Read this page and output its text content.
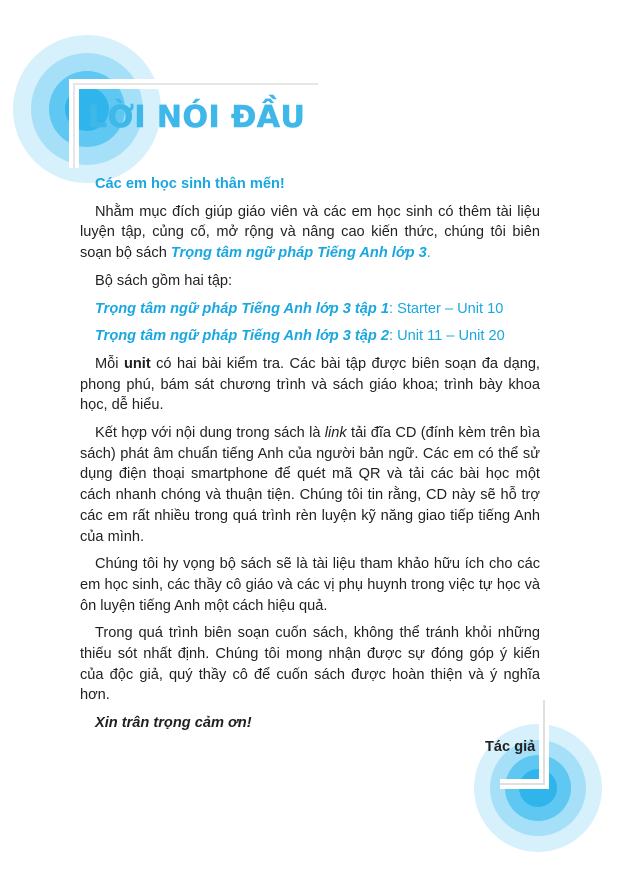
LỜI NÓI ĐẦU

Các em học sinh thân mến!

Nhằm mục đích giúp giáo viên và các em học sinh có thêm tài liệu luyện tập, củng cố, mở rộng và nâng cao kiến thức, chúng tôi biên soạn bộ sách Trọng tâm ngữ pháp Tiếng Anh lớp 3.

Bộ sách gồm hai tập:

Trọng tâm ngữ pháp Tiếng Anh lớp 3 tập 1: Starter – Unit 10

Trọng tâm ngữ pháp Tiếng Anh lớp 3 tập 2: Unit 11 – Unit 20

Mỗi unit có hai bài kiểm tra. Các bài tập được biên soạn đa dạng, phong phú, bám sát chương trình và sách giáo khoa; trình bày khoa học, dễ hiểu.

Kết hợp với nội dung trong sách là link tải đĩa CD (đính kèm trên bìa sách) phát âm chuẩn tiếng Anh của người bản ngữ. Các em có thể sử dụng điện thoại smartphone để quét mã QR và tải các bài học một cách nhanh chóng và thuận tiện. Chúng tôi tin rằng, CD này sẽ hỗ trợ các em rất nhiều trong quá trình rèn luyện kỹ năng giao tiếp tiếng Anh của mình.

Chúng tôi hy vọng bộ sách sẽ là tài liệu tham khảo hữu ích cho các em học sinh, các thầy cô giáo và các vị phụ huynh trong việc tự học và ôn luyện tiếng Anh một cách hiệu quả.

Trong quá trình biên soạn cuốn sách, không thể tránh khỏi những thiếu sót nhất định. Chúng tôi mong nhận được sự đóng góp ý kiến của độc giả, quý thầy cô để cuốn sách được hoàn thiện và ý nghĩa hơn.

Xin trân trọng cảm ơn!

Tác giả
